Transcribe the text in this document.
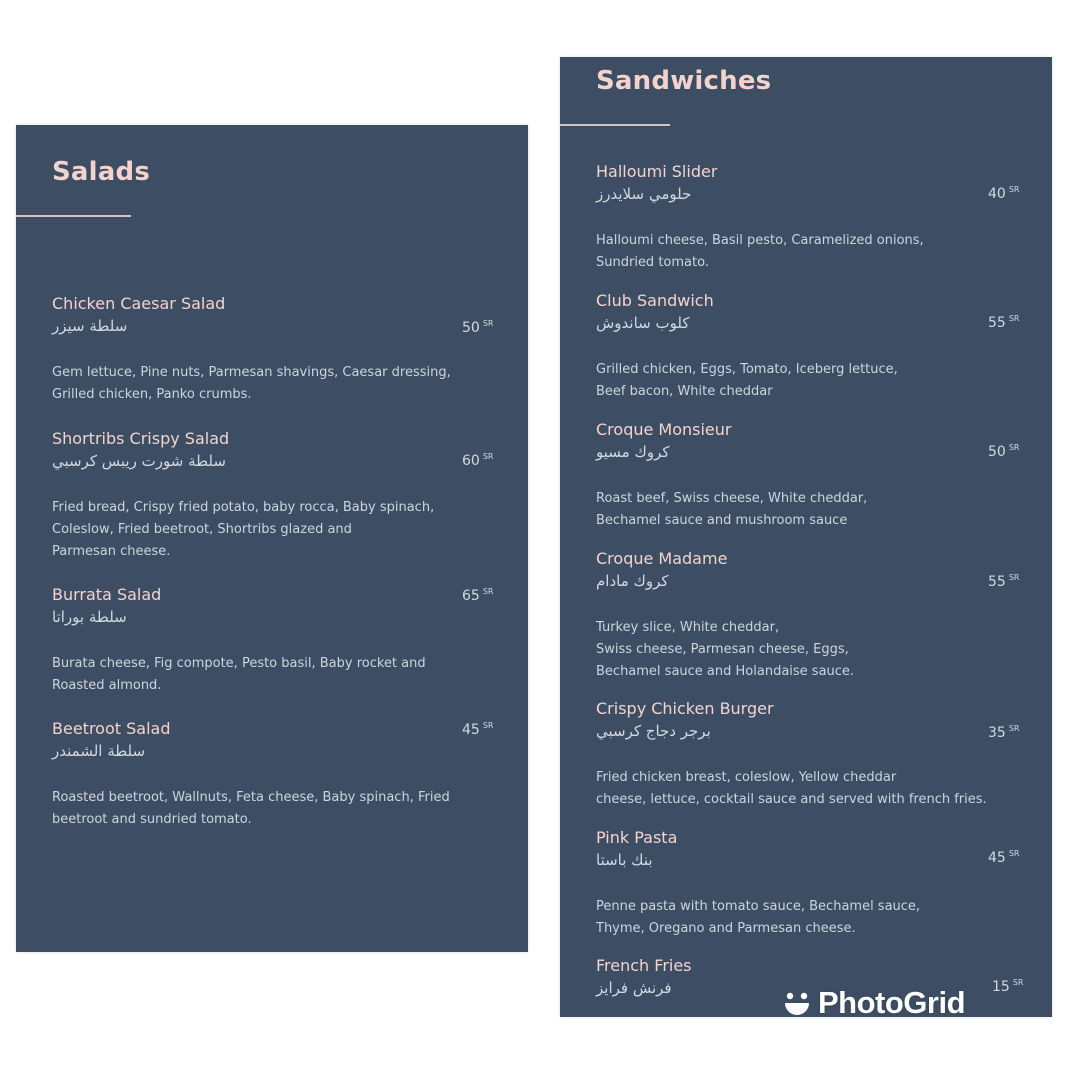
Salads
Chicken Caesar Salad
سلطة سيزر
Gem lettuce, Pine nuts, Parmesan shavings, Caesar dressing,
Grilled chicken, Panko crumbs.
50 $^{SR}$
Shortribs Crispy Salad
سلطة شورت ريبس كرسبي
Fried bread, Crispy fried potato, baby rocca, Baby spinach,
Coleslow, Fried beetroot, Shortribs glazed and
Parmesan cheese.
60 $^{SR}$
Burrata Salad
سلطة بوراتا
Burata cheese, Fig compote, Pesto basil, Baby rocket and
Roasted almond.
65 $^{SR}$
Beetroot Salad
سلطة الشمندر
Roasted beetroot, Wallnuts, Feta cheese, Baby spinach, Fried
beetroot and sundried tomato.
45 $^{SR}$
Sandwiches
Halloumi Slider
حلومي سلايدرز
Halloumi cheese, Basil pesto, Caramelized onions,
Sundried tomato.
40 $^{SR}$
Club Sandwich
كلوب ساندوش
Grilled chicken, Eggs, Tomato, Iceberg lettuce,
Beef bacon, White cheddar
55 $^{SR}$
Croque Monsieur
كروك مسيو
Roast beef, Swiss cheese, White cheddar,
Bechamel sauce and mushroom sauce
50 $^{SR}$
Croque Madame
كروك مادام
Turkey slice, White cheddar,
Swiss cheese, Parmesan cheese, Eggs,
Bechamel sauce and Holandaise sauce.
55 $^{SR}$
Crispy Chicken Burger
برجر دجاج كرسبي
Fried chicken breast, coleslow, Yellow cheddar
cheese, lettuce, cocktail sauce and served with french fries.
35 $^{SR}$
Pink Pasta
بنك باستا
Penne pasta with tomato sauce, Bechamel sauce,
Thyme, Oregano and Parmesan cheese.
45 $^{SR}$
French Fries
فرنش فرايز	15 $^{SR}$
PhotoGrid
